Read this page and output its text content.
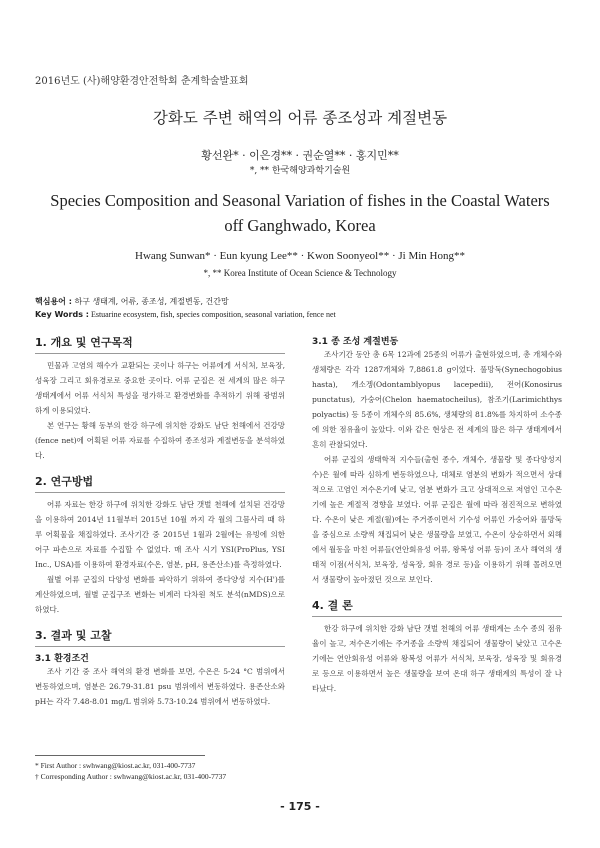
2016년도 (사)해양환경안전학회 춘계학술발표회
강화도 주변 해역의 어류 종조성과 계절변동
황선완* · 이은경** · 권순열** · 홍지민**
*, ** 한국해양과학기술원
Species Composition and Seasonal Variation of fishes in the Coastal Waters off Ganghwado, Korea
Hwang Sunwan* · Eun kyung Lee** · Kwon Soonyeol** · Ji Min Hong**
*, ** Korea Institute of Ocean Science & Technology
핵심용어 : 하구 생태계, 어류, 종조성, 계절변동, 건간망
Key Words : Estuarine ecosystem, fish, species composition, seasonal variation, fence net
1. 개요 및 연구목적

민물과 고염의 해수가 교환되는 곳이나 하구는 어류에게 서식처, 보육장, 성육장 그리고 회유경로로 중요한 곳이다. 어류 군집은 전 세계의 많은 하구 생태계에서 어류 서식처 특성을 평가하고 환경변화를 추적하기 위해 광범위하게 이용되었다.

본 연구는 황해 동부의 한강 하구에 위치한 강화도 남단 천해에서 건강망(fence net)에 어획된 어류 자료를 수집하여 종조성과 계절변동을 분석하였다.

2. 연구방법

어류 자료는 한강 하구에 위치한 강화도 남단 갯벌 천해에 설치된 건강망을 이용하여 2014년 11월부터 2015년 10월 까지 각 월의 그믐사리 때 하루 어획물을 채집하였다. 조사기간 중 2015년 1월과 2월에는 유빙에 의한 어구 파손으로 자료를 수집할 수 없었다. 매 조사 시기 YSI(ProPlus, YSI Inc., USA)를 이용하여 환경자료(수온, 염분, pH, 용존산소)를 측정하였다.

월별 어류 군집의 다양성 변화를 파악하기 위하여 종다양성 지수(H')를 계산하였으며, 월별 군집구조 변화는 비계러 다차원 척도 분석(nMDS)으로 하였다.

3. 결과 및 고찰
3.1 환경조건

조사 기간 중 조사 해역의 환경 변화를 보면, 수온은 5-24 °C 범위에서 변동하였으며, 염분은 26.79-31.81 psu 범위에서 변동하였다. 용존산소와 pH는 각각 7.48-8.01 mg/L 범위와 5.73-10.24 범위에서 변동하였다.

3.1 종 조성 계절변동

조사기간 동안 총 6목 12과에 25종의 어류가 출현하였으며, 총 개체수와 생체량은 각각 1287개체와 7,8861.8 g이었다. 풀망둑(Synechogobius hasta), 개소겡(Odontamblyopus lacepedii), 전어(Konosirus punctatus), 가숭어(Chelon haematocheilus), 참조기(Larimichthys polyactis) 등 5종이 개체수의 85.6%, 생체량의 81.8%를 차지하여 소수종에 의한 점유율이 높았다. 이와 같은 현상은 전 세계의 많은 하구 생태계에서 흔히 관찰되었다.

어류 군집의 생태학적 지수들(출현 종수, 개체수, 생물량 및 종다양성지수)은 월에 따라 심하게 변동하였으나, 대체로 염분의 변화가 적으면서 상대적으로 고염인 저수온기에 낮고, 염분 변화가 크고 상대적으로 저염인 고수온기에 높은 계절적 경향을 보였다. 어류 군집은 월에 따라 점진적으로 변하였다. 수온이 낮은 계절(월)에는 주거종이면서 기수성 어류인 가숭어와 풀망둑을 중심으로 소량씩 채집되어 낮은 생물량을 보였고, 수온이 상승하면서 외해에서 월동을 마친 어류들(연안회유성 어류, 왕복성 어류 등)이 조사 해역의 생태적 이점(서식처, 보육장, 성육장, 회유 경로 등)을 이용하기 위해 몰려오면서 생물량이 높아졌던 것으로 보인다.

4. 결 론

한강 하구에 위치한 강화 남단 갯벌 천해의 어류 생태계는 소수 종의 점유율이 높고, 저수온기에는 주거종을 소량씩 채집되어 생물량이 낮았고 고수온기에는 연안회유성 어류와 왕복성 어류가 서식처, 보육장, 성육장 및 회유경로 등으로 이용하면서 높은 생물량을 보여 온대 하구 생태계의 특성이 잘 나타났다.

* First Author : swhwang@kiost.ac.kr, 031-400-7737
† Corresponding Author : swhwang@kiost.ac.kr, 031-400-7737
- 175 -
